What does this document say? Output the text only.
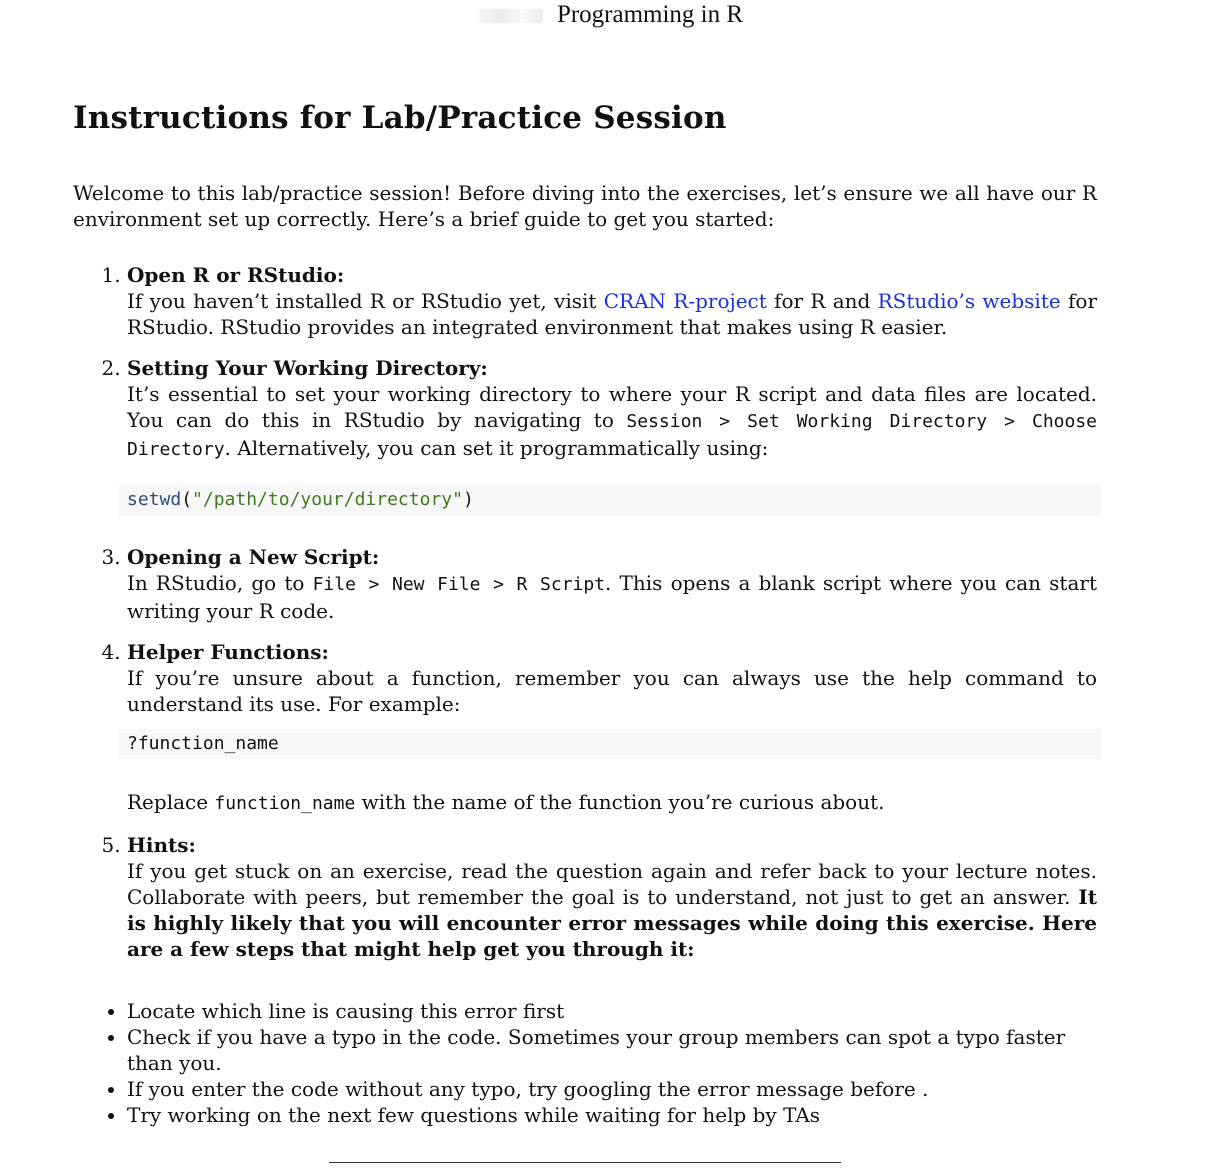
Programming in R
Instructions for Lab/Practice Session

Welcome to this lab/practice session! Before diving into the exercises, let’s ensure we all have our R environment set up correctly. Here’s a brief guide to get you started:

1. Open R or RStudio:
If you haven’t installed R or RStudio yet, visit CRAN R-project for R and RStudio’s website for RStudio. RStudio provides an integrated environment that makes using R easier.
2. Setting Your Working Directory:
It’s essential to set your working directory to where your R script and data files are located. You can do this in RStudio by navigating to Session > Set Working Directory > Choose Directory. Alternatively, you can set it programmatically using:
setwd ( "/path/to/your/directory" )
3. Opening a New Script:
In RStudio, go to File > New File > R Script. This opens a blank script where you can start writing your R code.
4. Helper Functions:
If you’re unsure about a function, remember you can always use the help command to understand its use. For example:
?function_name
Replace function_name with the name of the function you’re curious about.
5. Hints:
If you get stuck on an exercise, read the question again and refer back to your lecture notes. Collaborate with peers, but remember the goal is to understand, not just to get an answer. It is highly likely that you will encounter error messages while doing this exercise. Here are a few steps that might help get you through it:
• Locate which line is causing this error first
• Check if you have a typo in the code. Sometimes your group members can spot a typo faster than you.
• If you enter the code without any typo, try googling the error message before .
• Try working on the next few questions while waiting for help by TAs
